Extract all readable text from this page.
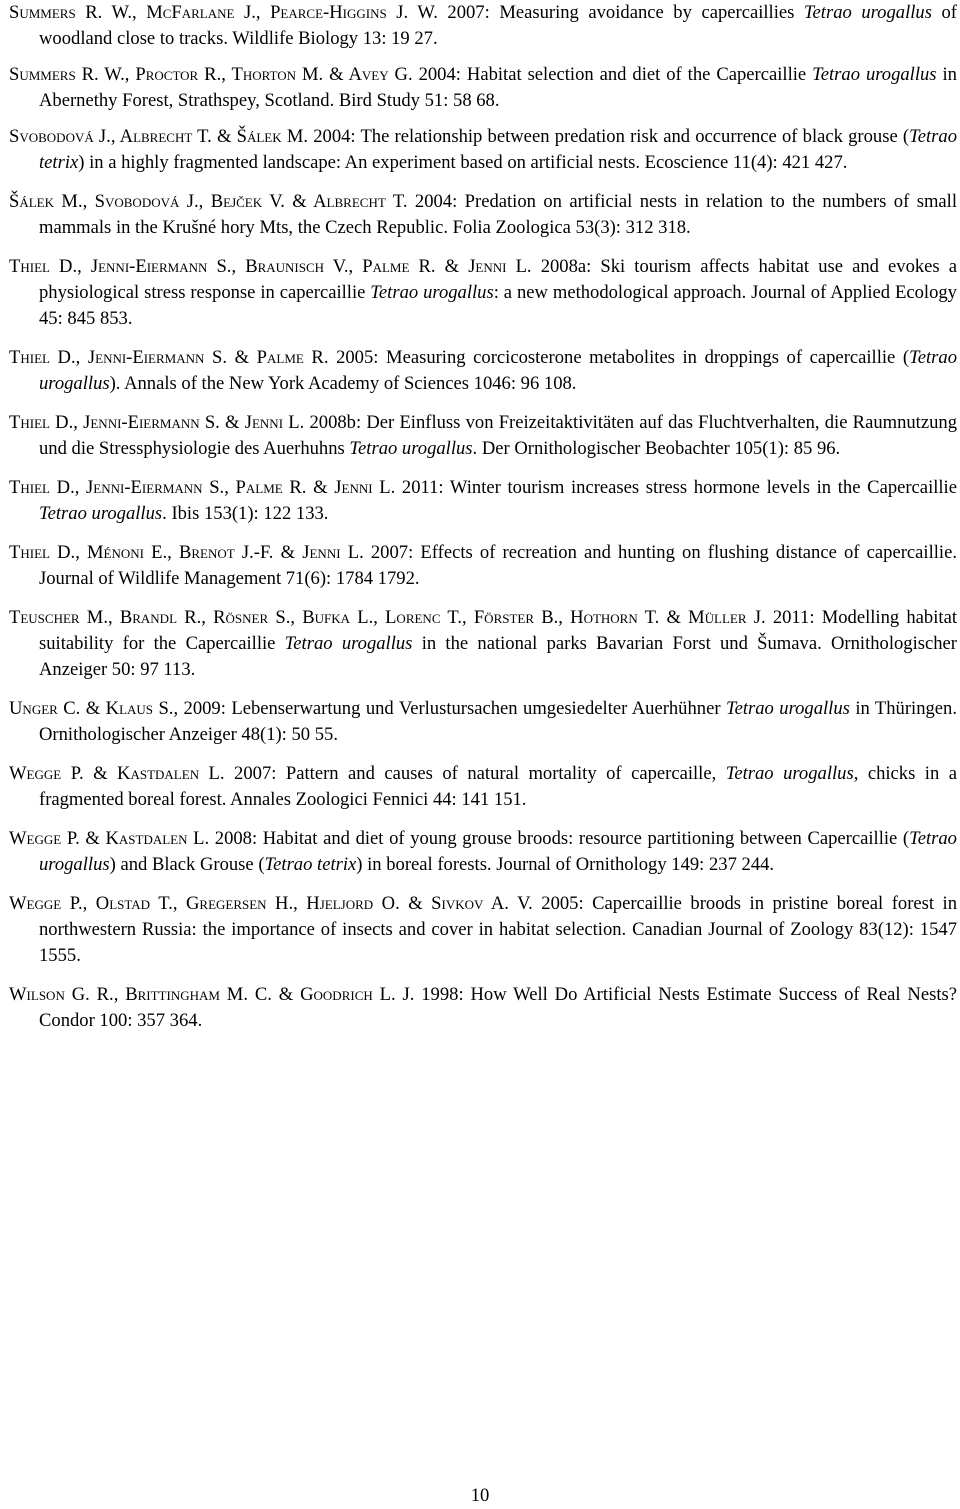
Summers R. W., McFarlane J., Pearce-Higgins J. W. 2007: Measuring avoidance by capercaillies Tetrao urogallus of woodland close to tracks. Wildlife Biology 13: 19 27.

Summers R. W., Proctor R., Thorton M. & Avey G. 2004: Habitat selection and diet of the Capercaillie Tetrao urogallus in Abernethy Forest, Strathspey, Scotland. Bird Study 51: 58 68.

Svobodová J., Albrecht T. & Šálek M. 2004: The relationship between predation risk and occurrence of black grouse (Tetrao tetrix) in a highly fragmented landscape: An experiment based on artificial nests. Ecoscience 11(4): 421 427.

Šálek M., Svobodová J., Bejček V. & Albrecht T. 2004: Predation on artificial nests in relation to the numbers of small mammals in the Krušné hory Mts, the Czech Republic. Folia Zoologica 53(3): 312 318.

Thiel D., Jenni-Eiermann S., Braunisch V., Palme R. & Jenni L. 2008a: Ski tourism affects habitat use and evokes a physiological stress response in capercaillie Tetrao urogallus: a new methodological approach. Journal of Applied Ecology 45: 845 853.

Thiel D., Jenni-Eiermann S. & Palme R. 2005: Measuring corcicosterone metabolites in droppings of capercaillie (Tetrao urogallus). Annals of the New York Academy of Sciences 1046: 96 108.

Thiel D., Jenni-Eiermann S. & Jenni L. 2008b: Der Einfluss von Freizeitaktivitäten auf das Fluchtverhalten, die Raumnutzung und die Stressphysiologie des Auerhuhns Tetrao urogallus. Der Ornithologischer Beobachter 105(1): 85 96.

Thiel D., Jenni-Eiermann S., Palme R. & Jenni L. 2011: Winter tourism increases stress hormone levels in the Capercaillie Tetrao urogallus. Ibis 153(1): 122 133.

Thiel D., Ménoni E., Brenot J.-F. & Jenni L. 2007: Effects of recreation and hunting on flushing distance of capercaillie. Journal of Wildlife Management 71(6): 1784 1792.

Teuscher M., Brandl R., Rösner S., Bufka L., Lorenc T., Förster B., Hothorn T. & Müller J. 2011: Modelling habitat suitability for the Capercaillie Tetrao urogallus in the national parks Bavarian Forst und Šumava. Ornithologischer Anzeiger 50: 97 113.

Unger C. & Klaus S., 2009: Lebenserwartung und Verlustursachen umgesiedelter Auerhühner Tetrao urogallus in Thüringen. Ornithologischer Anzeiger 48(1): 50 55.

Wegge P. & Kastdalen L. 2007: Pattern and causes of natural mortality of capercaille, Tetrao urogallus, chicks in a fragmented boreal forest. Annales Zoologici Fennici 44: 141 151.

Wegge P. & Kastdalen L. 2008: Habitat and diet of young grouse broods: resource partitioning between Capercaillie (Tetrao urogallus) and Black Grouse (Tetrao tetrix) in boreal forests. Journal of Ornithology 149: 237 244.

Wegge P., Olstad T., Gregersen H., Hjeljord O. & Sivkov A. V. 2005: Capercaillie broods in pristine boreal forest in northwestern Russia: the importance of insects and cover in habitat selection. Canadian Journal of Zoology 83(12): 1547 1555.

Wilson G. R., Brittingham M. C. & Goodrich L. J. 1998: How Well Do Artificial Nests Estimate Success of Real Nests? Condor 100: 357 364.

10
